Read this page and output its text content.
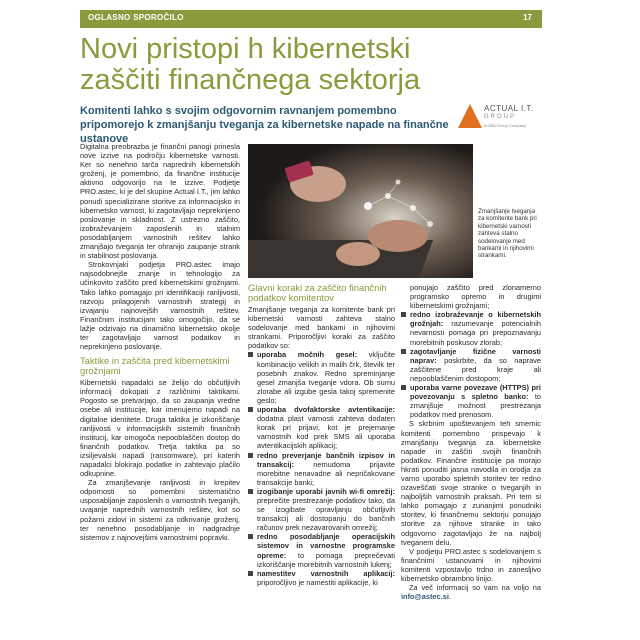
OGLASNO SPOROČILO	17
Novi pristopi h kibernetski zaščiti finančnega sektorja

Komitenti lahko s svojim odgovornim ravnanjem pomembno pripomorejo k zmanjšanju tveganja za kibernetske napade na finančne ustanove

ACTUAL I.T.
GROUP
A DBA Group Company

Digitalna preobrazba je finančni panogi prinesla nove izzive na področju kibernetske varnosti. Ker so nenehno tarča naprednih kibernetskih groženj, je pomembno, da finančne institucije aktivno odgovorijo na te izzive. Podjetje PRO.astec, ki je del skupine Actual I.T., jim lahko ponudi specializirane storitve za informacijsko in kibernetsko varnost, ki zagotavljajo neprekinjeno poslovanje in skladnost. Z ustrezno zaščito, izobraževanjem zaposlenih in stalnim posodabljanjem varnostnih rešitev lahko zmanjšajo tveganja ter ohranijo zaupanje strank in stabilnost poslovanja.

Strokovnjaki podjetja PRO.astec imajo najsodobnejše znanje in tehnologijo za učinkovito zaščito pred kibernetskimi grožnjami. Tako lahko pomagajo pri identifikaciji ranljivosti, razvoju prilagojenih varnostnih strategij in izvajanju najnovejših varnostnih rešitev. Finančnim institucijam tako omogočijo, da se lažje odzivajo na dinamično kibernetsko okolje ter zagotavljajo varnost podatkov in neprekinjeno poslovanje.

Taktike in zaščita pred kibernetskimi grožnjami

Kibernetski napadalci se želijo do občutljivih informacij dokopati z različnimi taktikami. Pogosto se pretvarjajo, da so zaupanja vredne osebe ali institucije, kar imenujemo napadi na digitalne identitete. Druga taktika je izkoriščanje ranljivosti v informacijskih sistemih finančnih institucij, kar omogoča nepooblaščen dostop do finančnih podatkov. Tretja taktika pa so izsiljevalski napadi (ransomware), pri katerih napadalci blokirajo podatke in zahtevajo plačilo odkupnine.

Za zmanjševanje ranljivosti in krepitev odpornosti so pomembni sistematično usposabljanje zaposlenih o varnostnih tveganjih, uvajanje naprednih varnostnih rešitev, kot so požarni zidovi in sistemi za odkrivanje groženj, ter nenehno posodabljanje in nadgradnje sistemov z najnovejšimi varnostnimi popravki.

Zmanjšanje tveganja za komitente bank pri kibernetski varnosti zahteva stalno sodelovanje med bankami in njihovimi strankami.
Glavni koraki za zaščito finančnih podatkov komitentov

Zmanjšanje tveganja za komitente bank pri kibernetski varnosti zahteva stalno sodelovanje med bankami in njihovimi strankami. Priporočljivi koraki za zaščito podatkov so:

uporaba močnih gesel: vključite kombinacijo velikih in malih črk, številk ter posebnih znakov. Redno spreminjanje gesel zmanjša tveganje vdora. Ob sumu zlorabe ali izgube gesla takoj spremenite geslo;
uporaba dvofaktorske avtentikacije: dodatna plast varnosti zahteva dodaten korak pri prijavi, kot je prejemanje varnostnih kod prek SMS ali uporaba avtentikacijskih aplikacij;
redno preverjanje bančnih izpisov in transakcij: nemudoma prijavite morebitne nenavadne ali nepričakovane transakcije banki;
izogibanje uporabi javnih wi-fi omrežij: preprečite prestrezanje podatkov tako, da se izogibate opravljanju občutljivih transakcij ali dostopanju do bančnih računov prek nezavarovanih omrežij;
redno posodabljanje operacijskih sistemov in varnostne programske opreme: to pomaga preprečevati izkoriščanje morebitnih varnostnih lukenj;
namestitev varnostnih aplikacij: priporočljivo je namestiti aplikacije, ki

ponujajo zaščito pred zlonamerno programsko opremo in drugimi kibernetskimi grožnjami;

redno izobraževanje o kibernetskih grožnjah: razumevanje potencialnih nevarnosti pomaga pri prepoznavanju morebitnih poskusov zlorab;
zagotavljanje fizične varnosti naprav: poskrbite, da so naprave zaščitene pred kraje ali nepooblaščenim dostopom;
uporaba varne povezave (HTTPS) pri povezovanju s spletno banko: to zmanjšuje možnost prestrezanja podatkov med prenosom.

S skrbnim upoštevanjem teh smernic komitenti pomembno prispevajo k zmanjšanju tveganja za kibernetske napade in zaščiti svojih finančnih podatkov. Finančne institucije pa morajo hkrati ponuditi jasna navodila in orodja za varno uporabo spletnih storitev ter redno ozaveščati svoje stranke o tveganjih in najboljših varnostnih praksah. Pri tem si lahko pomagajo z zunanjimi ponudniki storitev, ki finančnemu sektorju ponujajo storitve za njihove stranke in tako odgovorno zagotavljajo že na najbolj tveganem delu.

V podjetju PRO.astec s sodelovanjem s finančnimi ustanovami in njihovimi komitenti vzpostavljo trdno in zanesljivo kibernetsko obrambno linijo.

Za več informacij so vam na voljo na info@astec.si.
